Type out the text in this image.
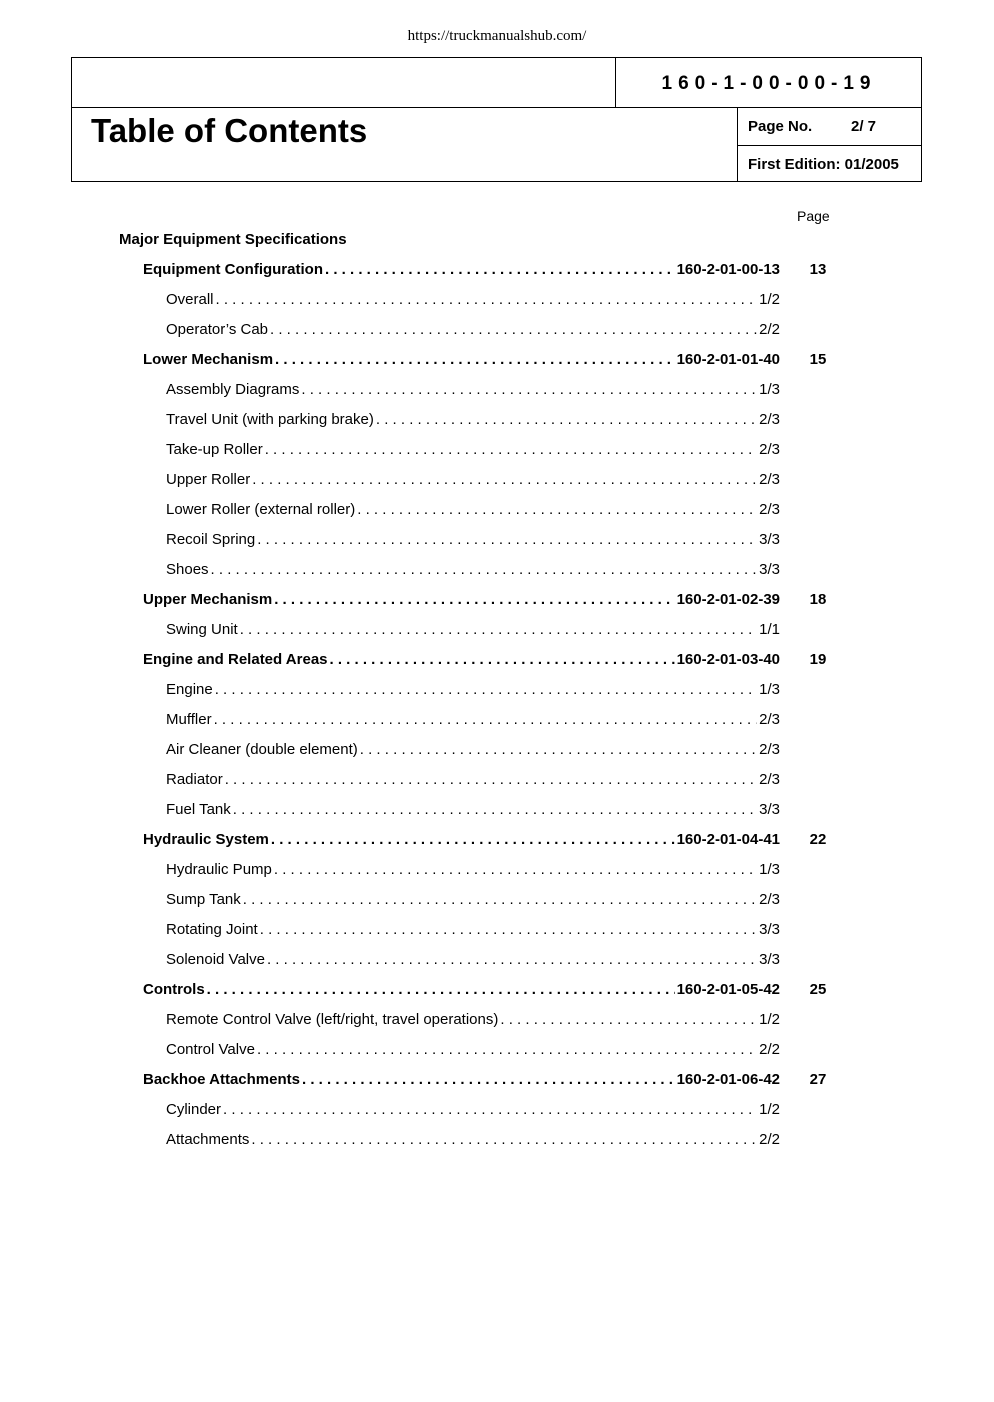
https://truckmanualshub.com/
160-1-00-00-19
Table of Contents	Page No.	2/ 7
First Edition: 01/2005
Page
Major Equipment Specifications
Equipment Configuration . . .	160-2-01-00-13	13
Overall . . .	1/2
Operator’s Cab . . .	2/2
Lower Mechanism . . .	160-2-01-01-40	15
Assembly Diagrams . . .	1/3
Travel Unit (with parking brake) . . .	2/3
Take-up Roller . . .	2/3
Upper Roller . . .	2/3
Lower Roller (external roller) . . .	2/3
Recoil Spring . . .	3/3
Shoes . . .	3/3
Upper Mechanism . . .	160-2-01-02-39	18
Swing Unit . . .	1/1
Engine and Related Areas . . .	160-2-01-03-40	19
Engine . . .	1/3
Muffler . . .	2/3
Air Cleaner (double element) . . .	2/3
Radiator . . .	2/3
Fuel Tank . . .	3/3
Hydraulic System . . .	160-2-01-04-41	22
Hydraulic Pump . . .	1/3
Sump Tank . . .	2/3
Rotating Joint . . .	3/3
Solenoid Valve . . .	3/3
Controls . . .	160-2-01-05-42	25
Remote Control Valve (left/right, travel operations) . . .	1/2
Control Valve . . .	2/2
Backhoe Attachments . . .	160-2-01-06-42	27
Cylinder . . .	1/2
Attachments . . .	2/2
